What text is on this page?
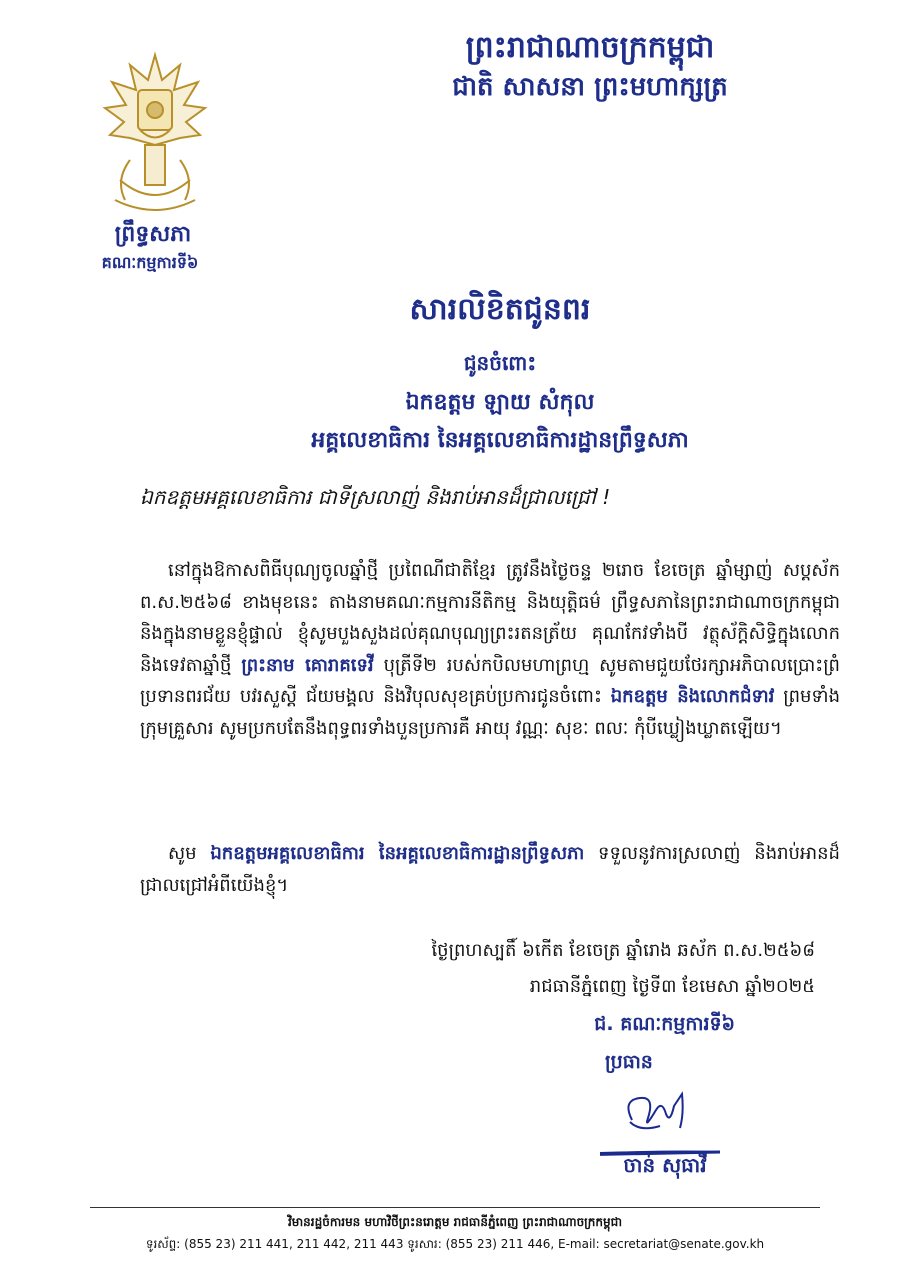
ព្រះរាជាណាចក្រកម្ពុជា
ជាតិ សាសនា ព្រះមហាក្សត្រ
ព្រឹទ្ធសភា
គណៈកម្មការទី៦
សារលិខិតជូនពរ
ជូនចំពោះ
ឯកឧត្តម ឡាយ សំកុល
អគ្គលេខាធិការ នៃអគ្គលេខាធិការដ្ឋានព្រឹទ្ធសភា
ឯកឧត្តមអគ្គលេខាធិការ ជាទីស្រលាញ់ និងរាប់អានដ៏ជ្រាលជ្រៅ !
នៅក្នុងឱកាសពិធីបុណ្យចូលឆ្នាំថ្មី ប្រពៃណីជាតិខ្មែរ ត្រូវនឹងថ្ងៃចន្ទ ២រោច ខែចេត្រ ឆ្នាំម្សាញ់ សប្តស័ក ព.ស.២៥៦៨ ខាងមុខនេះ តាងនាមគណៈកម្មការនីតិកម្ម និងយុត្តិធម៌ ព្រឹទ្ធសភានៃព្រះរាជាណាចក្រកម្ពុជា និងក្នុងនាមខ្លួនខ្ញុំផ្ទាល់ ខ្ញុំសូមបួងសួងដល់គុណបុណ្យព្រះរតនត្រ័យ គុណកែវទាំងបី វត្ថុស័ក្តិសិទ្ធិក្នុងលោក និងទេវតាឆ្នាំថ្មី ព្រះនាម គោរាគទេវី បុត្រីទី២ របស់កបិលមហាព្រហ្ម សូមតាមជួយថែរក្សាអភិបាលប្រោះព្រំ ប្រទានពរជ័យ បវរសួស្តី ជ័យមង្គល និងវិបុលសុខគ្រប់ប្រការជូនចំពោះ ឯកឧត្តម និងលោកជំទាវ ព្រមទាំងក្រុមគ្រួសារ សូមប្រកបតែនឹងពុទ្ធពរទាំងបួនប្រការគឺ អាយុ វណ្ណៈ សុខៈ ពលៈ កុំបីឃ្លៀងឃ្លាតឡើយ។
សូម ឯកឧត្តមអគ្គលេខាធិការ នៃអគ្គលេខាធិការដ្ឋានព្រឹទ្ធសភា ទទួលនូវការស្រលាញ់ និងរាប់អានដ៏ជ្រាលជ្រៅអំពីយើងខ្ញុំ។
ថ្ងៃព្រហស្បតិ៍ ៦កើត ខែចេត្រ ឆ្នាំរោង ឆស័ក ព.ស.២៥៦៨
រាជធានីភ្នំពេញ ថ្ងៃទី៣ ខែមេសា ឆ្នាំ២០២៥
ជ. គណៈកម្មការទី៦
ប្រធាន
ចាន់ សុធាវី
វិមានរដ្ឋចំការមន មហាវិថីព្រះនរោត្តម រាជធានីភ្នំពេញ ព្រះរាជាណាចក្រកម្ពុជា
ទូរស័ព្ទ: (855 23) 211 441, 211 442, 211 443 ទូរសារ: (855 23) 211 446, E-mail: secretariat@senate.gov.kh
